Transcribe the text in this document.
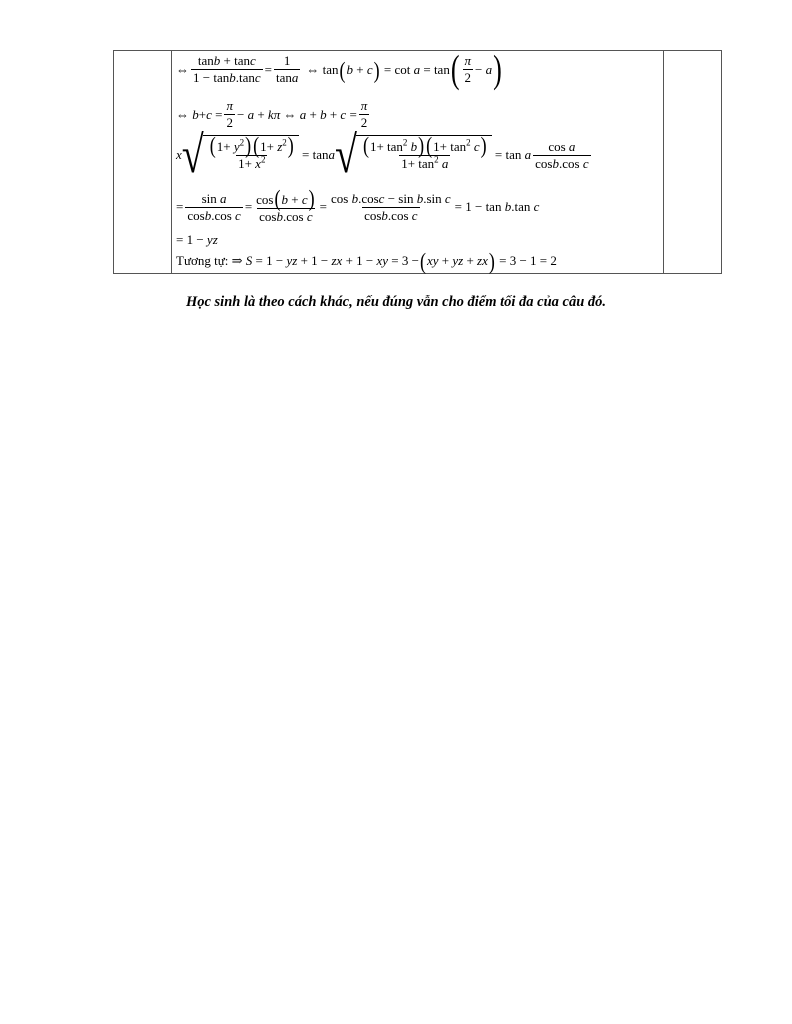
⇔ $\frac{\tan b + \tan c}{1 - \tan b.\tan c} = \frac{1}{\tan a}$ ⇔ tan ( b + c ) = cot a = tan ( $\frac{\pi}{2} - a$ )
⇔ $b+c = \frac{\pi}{2} - a + k\pi$ ⇔ $a + b + c = \frac{\pi}{2}$
x √ $\frac{(1+ y^2) (1+ z^2)}{1+ x^2} = \tan a$ √ $\frac{(1+ \tan^2 b) (1+ \tan^2 c)}{1+ \tan^2 a} = \tan a \frac{\text{cos a}}{\text{cosb.cos c}}$
= $\frac{\text{sin a}}{\text{cosb.cos c}} = \frac{\cos(b + c)}{\text{cosb.cos c}} = \frac{\text{cos b.cosc − sin b.sin c}}{\text{cosb.cos c}} = 1 - \tan b.\tan$ c
= 1 − yz
Tương tự: ⇒ S = 1 − yz + 1 − zx + 1 − xy = 3 − ( xy + yz + zx ) = 3 − 1 = 2
Học sinh là theo cách khác, nếu đúng vẫn cho điểm tối đa của câu đó.
